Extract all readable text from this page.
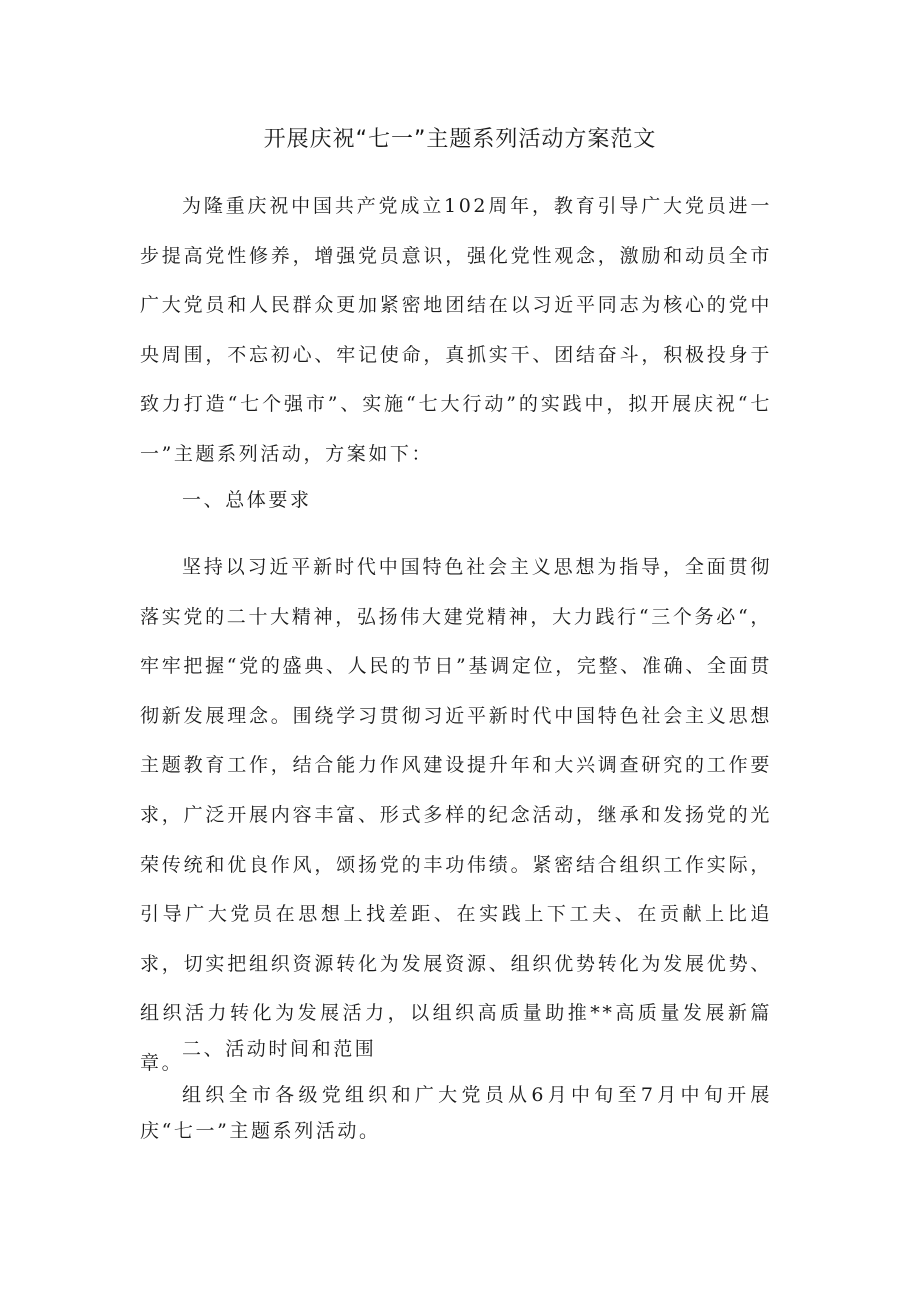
开展庆祝“七一”主题系列活动方案范文

为隆重庆祝中国共产党成立102周年，教育引导广大党员进一步提高党性修养，增强党员意识，强化党性观念，激励和动员全市广大党员和人民群众更加紧密地团结在以习近平同志为核心的党中央周围，不忘初心、牢记使命，真抓实干、团结奋斗，积极投身于致力打造“七个强市”、实施“七大行动”的实践中，拟开展庆祝“七一”主题系列活动，方案如下：

一、总体要求

坚持以习近平新时代中国特色社会主义思想为指导，全面贯彻落实党的二十大精神，弘扬伟大建党精神，大力践行“三个务必“，牢牢把握“党的盛典、人民的节日”基调定位，完整、准确、全面贯彻新发展理念。围绕学习贯彻习近平新时代中国特色社会主义思想主题教育工作，结合能力作风建设提升年和大兴调查研究的工作要求，广泛开展内容丰富、形式多样的纪念活动，继承和发扬党的光荣传统和优良作风，颂扬党的丰功伟绩。紧密结合组织工作实际，引导广大党员在思想上找差距、在实践上下工夫、在贡献上比追求，切实把组织资源转化为发展资源、组织优势转化为发展优势、组织活力转化为发展活力，以组织高质量助推**高质量发展新篇章。

二、活动时间和范围

组织全市各级党组织和广大党员从6月中旬至7月中旬开展庆“七一”主题系列活动。
